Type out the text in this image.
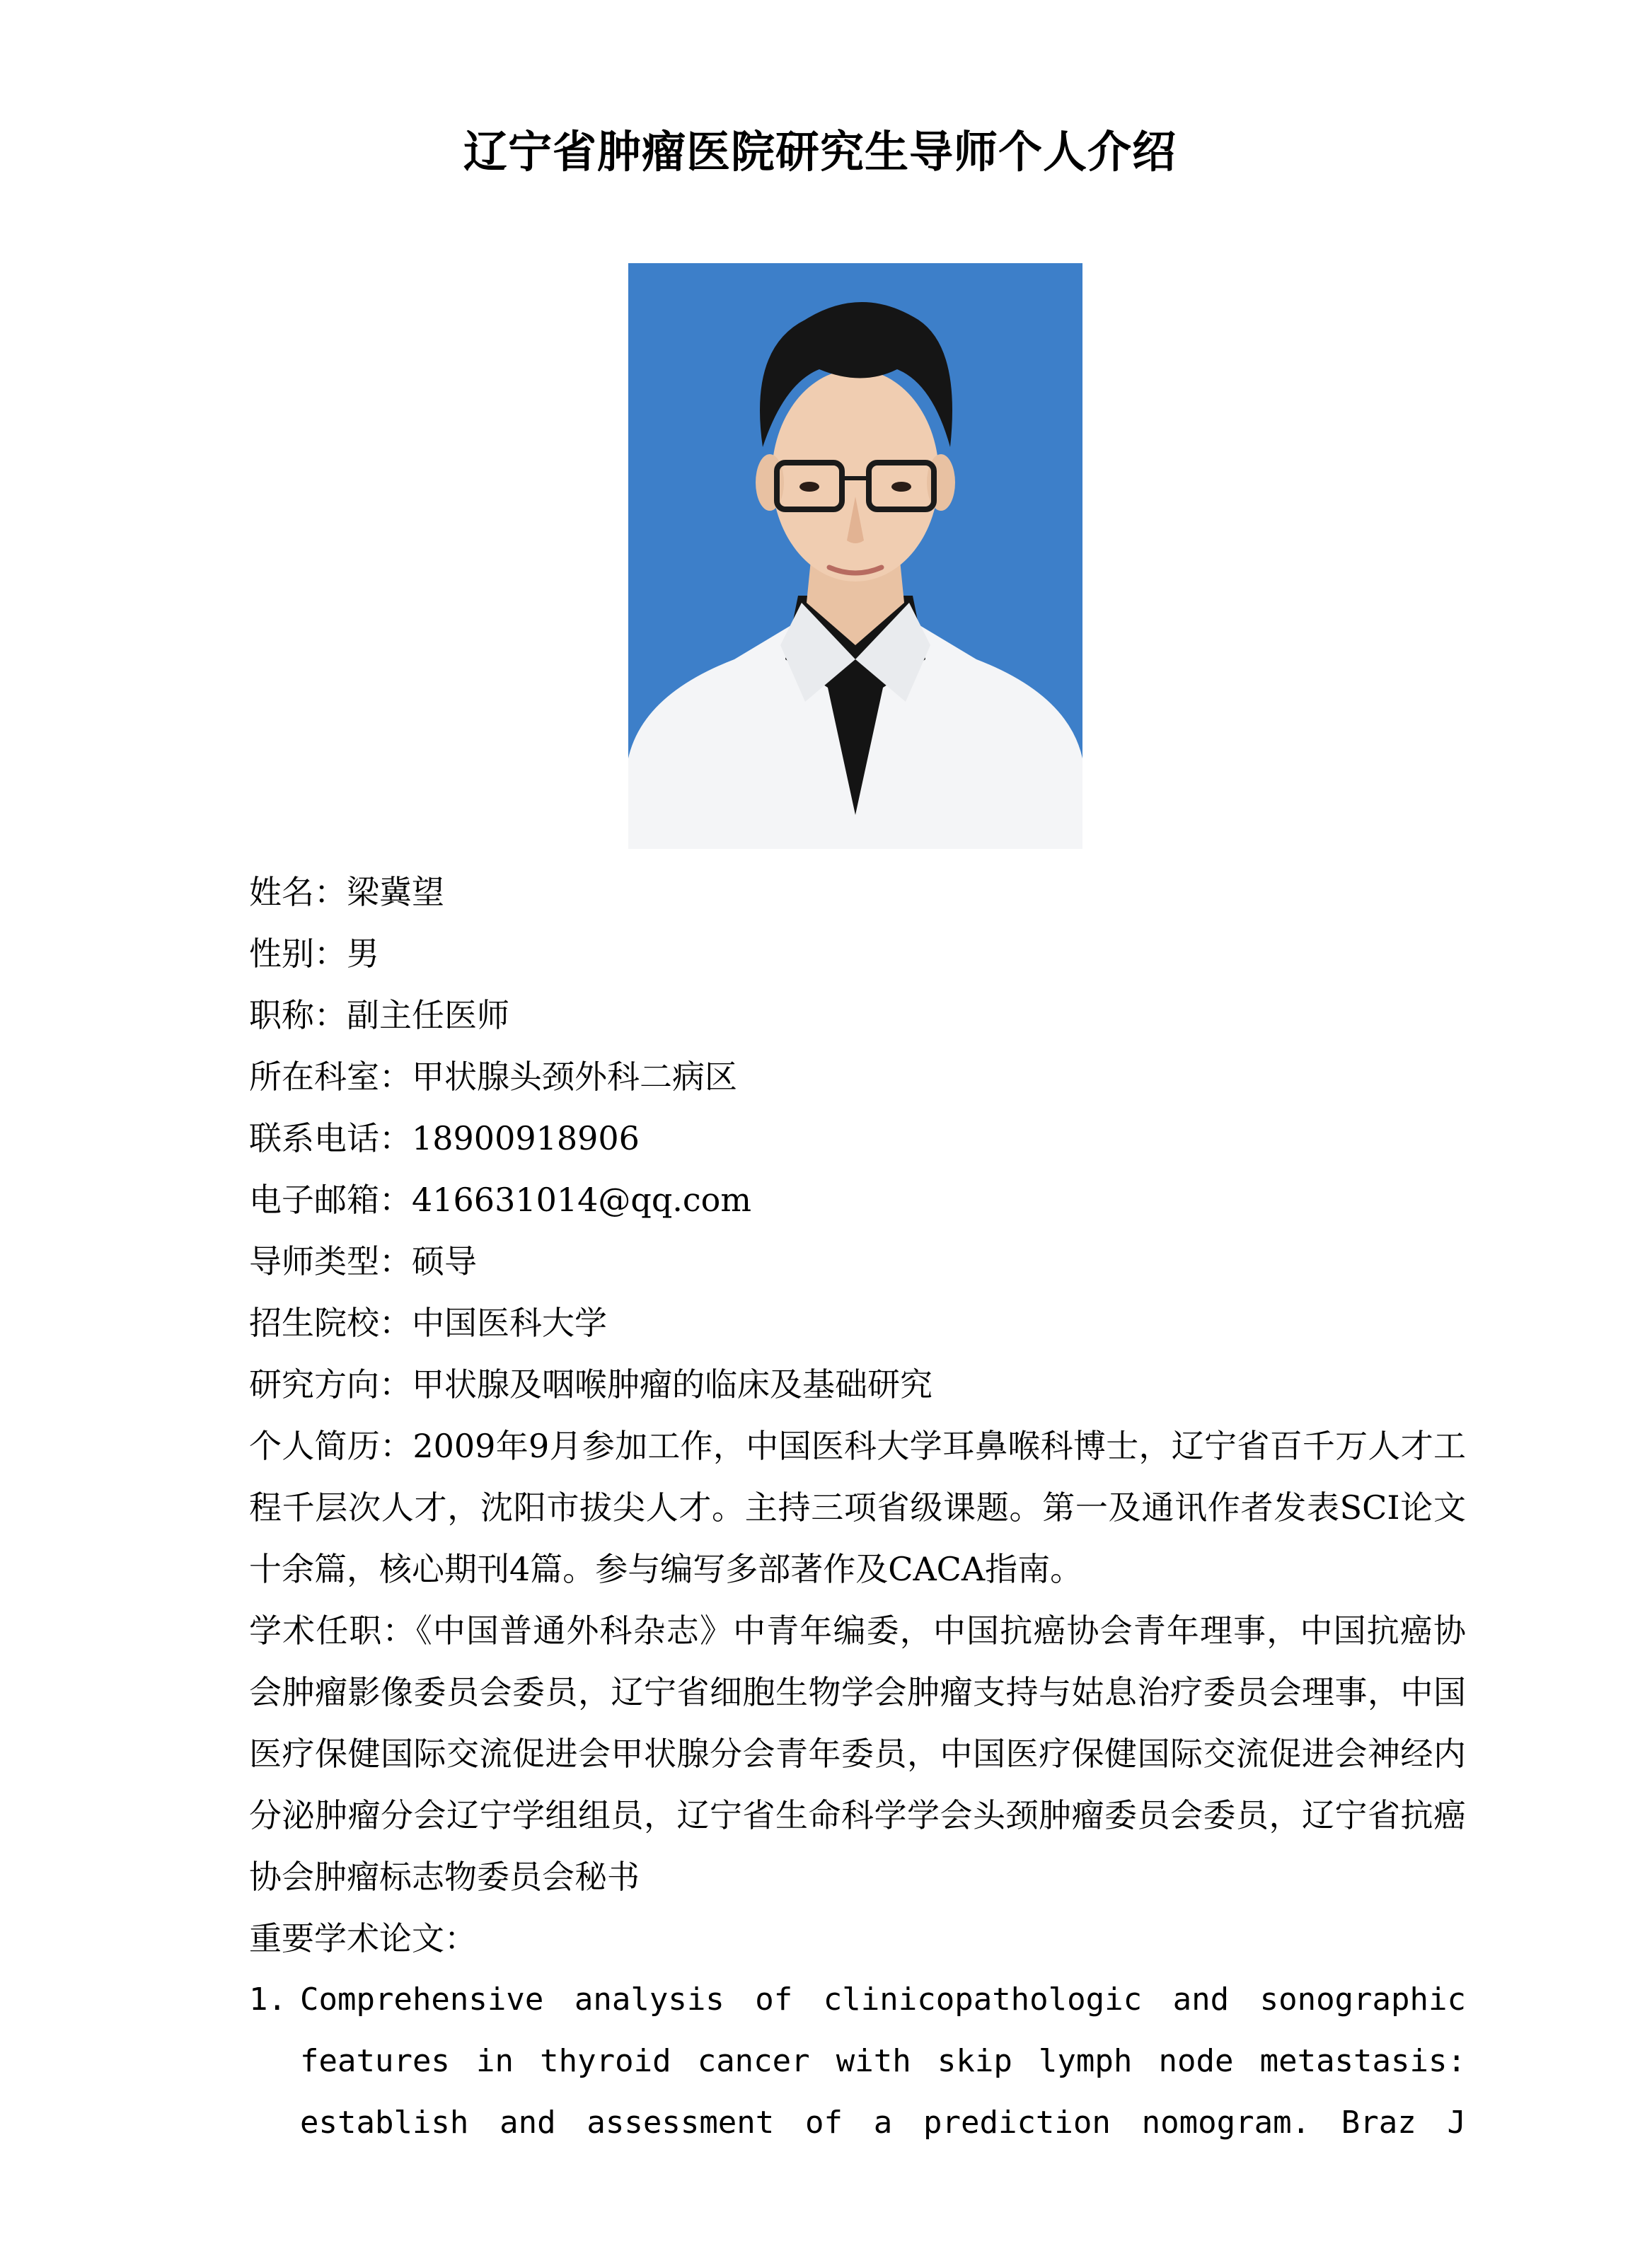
辽宁省肿瘤医院研究生导师个人介绍
姓名：梁冀望
性别：男
职称：副主任医师
所在科室：甲状腺头颈外科二病区
联系电话：18900918906
电子邮箱：416631014@qq.com
导师类型：硕导
招生院校：中国医科大学
研究方向：甲状腺及咽喉肿瘤的临床及基础研究
个人简历：2009年9月参加工作，中国医科大学耳鼻喉科博士，辽宁省百千万人才工程千层次人才，沈阳市拔尖人才。主持三项省级课题。第一及通讯作者发表SCI论文十余篇，核心期刊4篇。参与编写多部著作及CACA指南。
学术任职：《中国普通外科杂志》中青年编委，中国抗癌协会青年理事，中国抗癌协会肿瘤影像委员会委员，辽宁省细胞生物学会肿瘤支持与姑息治疗委员会理事，中国医疗保健国际交流促进会甲状腺分会青年委员，中国医疗保健国际交流促进会神经内分泌肿瘤分会辽宁学组组员，辽宁省生命科学学会头颈肿瘤委员会委员，辽宁省抗癌协会肿瘤标志物委员会秘书
重要学术论文：
1. Comprehensive analysis of clinicopathologic and sonographic features in thyroid cancer with skip lymph node metastasis: establish and assessment of a prediction nomogram. Braz J
